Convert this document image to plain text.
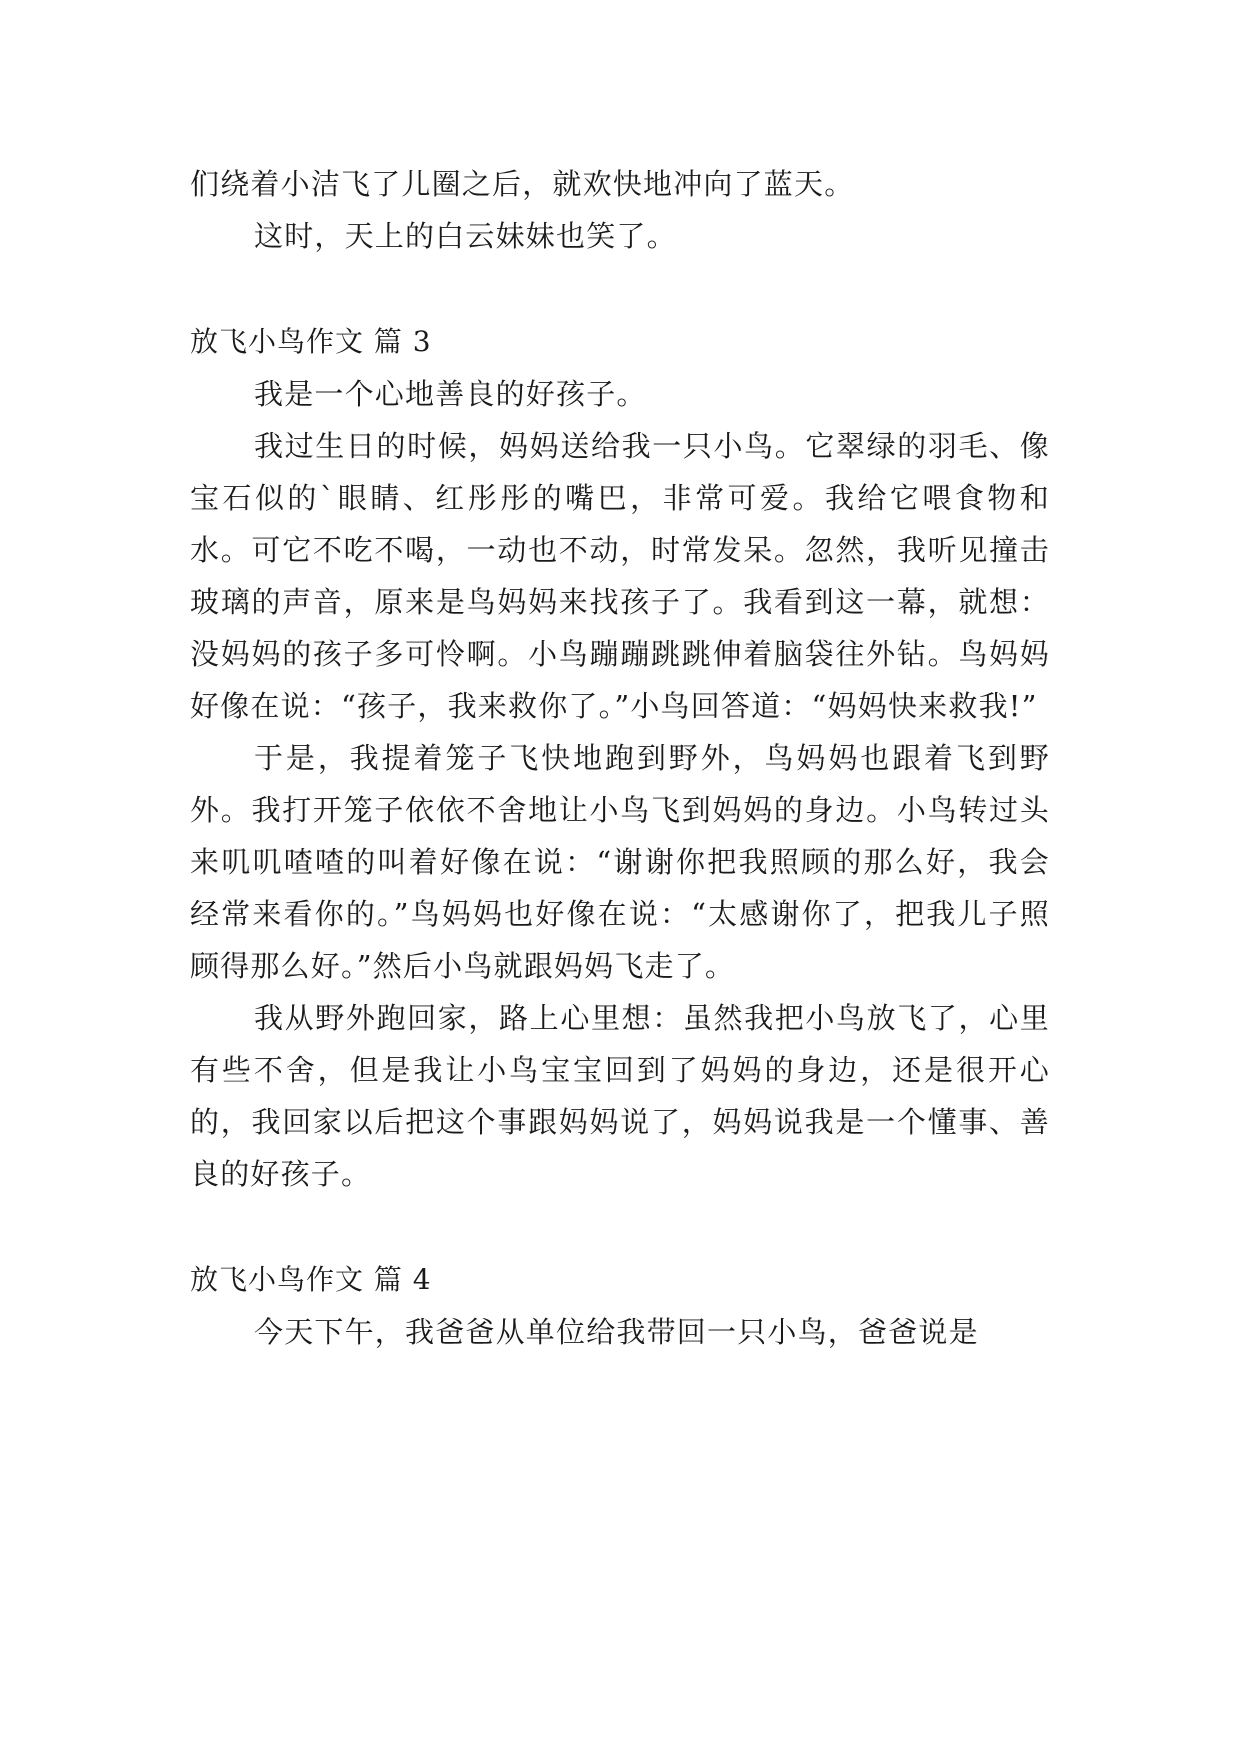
们绕着小洁飞了儿圈之后，就欢快地冲向了蓝天。

这时，天上的白云妹妹也笑了。

放飞小鸟作文 篇 3

我是一个心地善良的好孩子。

我过生日的时候，妈妈送给我一只小鸟。它翠绿的羽毛、像宝石似的`眼睛、红彤彤的嘴巴，非常可爱。我给它喂食物和水。可它不吃不喝，一动也不动，时常发呆。忽然，我听见撞击玻璃的声音，原来是鸟妈妈来找孩子了。我看到这一幕，就想：没妈妈的孩子多可怜啊。小鸟蹦蹦跳跳伸着脑袋往外钻。鸟妈妈好像在说：“孩子，我来救你了。”小鸟回答道：“妈妈快来救我!”

于是，我提着笼子飞快地跑到野外，鸟妈妈也跟着飞到野外。我打开笼子依依不舍地让小鸟飞到妈妈的身边。小鸟转过头来叽叽喳喳的叫着好像在说：“谢谢你把我照顾的那么好，我会经常来看你的。”鸟妈妈也好像在说：“太感谢你了，把我儿子照顾得那么好。”然后小鸟就跟妈妈飞走了。

我从野外跑回家，路上心里想：虽然我把小鸟放飞了，心里有些不舍，但是我让小鸟宝宝回到了妈妈的身边，还是很开心的，我回家以后把这个事跟妈妈说了，妈妈说我是一个懂事、善良的好孩子。

放飞小鸟作文 篇 4

今天下午，我爸爸从单位给我带回一只小鸟，爸爸说是
